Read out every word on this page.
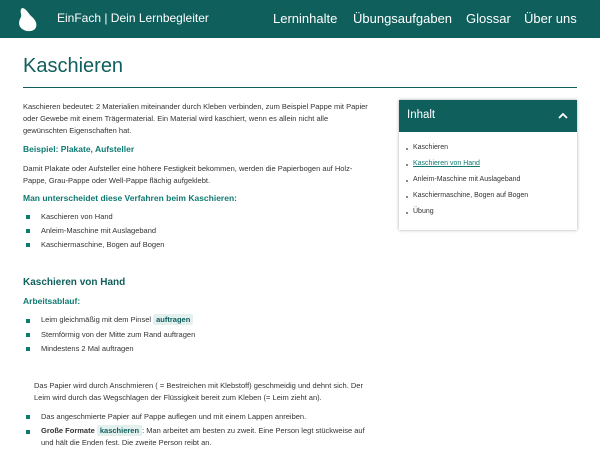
EinFach | Dein Lernbegleiter	Lerninhalte Übungsaufgaben Glossar Über uns
Kaschieren

Kaschieren bedeutet: 2 Materialien miteinander durch Kleben verbinden, zum Beispiel Pappe mit Papier

oder Gewebe mit einem Trägermaterial. Ein Material wird kaschiert, wenn es allein nicht alle

gewünschten Eigenschaften hat.

Beispiel: Plakate, Aufsteller

Damit Plakate oder Aufsteller eine höhere Festigkeit bekommen, werden die Papierbogen auf Holz-

Pappe, Grau-Pappe oder Well-Pappe flächig aufgeklebt.

Man unterscheidet diese Verfahren beim Kaschieren:
Kaschieren von Hand
Anleim-Maschine mit Auslageband
Kaschiermaschine, Bogen auf Bogen
Kaschieren von Hand
Arbeitsablauf:
Leim gleichmäßig mit dem Pinsel auftragen
Sternförmig von der Mitte zum Rand auftragen
Mindestens 2 Mal auftragen

Das Papier wird durch Anschmieren ( = Bestreichen mit Klebstoff) geschmeidig und dehnt sich. Der

Leim wird durch das Wegschlagen der Flüssigkeit bereit zum Kleben (= Leim zieht an).

Das angeschmierte Papier auf Pappe auflegen und mit einem Lappen anreiben.
Große Formate kaschieren : Man arbeitet am besten zu zweit. Eine Person legt stückweise auf
und hält die Enden fest. Die zweite Person reibt an.
Inhalt
Kaschieren
Kaschieren von Hand
Anleim-Maschine mit Auslageband
Kaschiermaschine, Bogen auf Bogen
Übung
